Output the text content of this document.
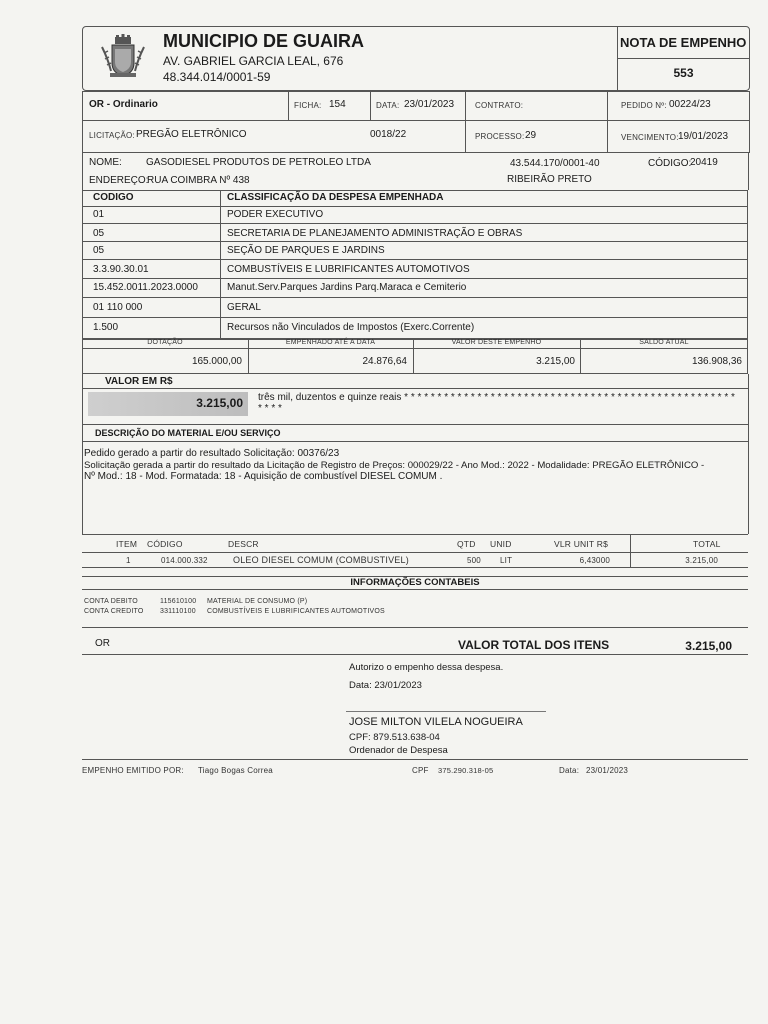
MUNICIPIO DE GUAIRA
AV. GABRIEL GARCIA LEAL, 676
48.344.014/0001-59
NOTA DE EMPENHO
553
OR - Ordinario	FICHA: 154	DATA: 23/01/2023	CONTRATO:	PEDIDO Nº: 00224/23
LICITAÇÃO: PREGÃO ELETRÔNICO	0018/22	PROCESSO: 29	VENCIMENTO: 19/01/2023
NOME: GASODIESEL PRODUTOS DE PETROLEO LTDA	43.544.170/0001-40	CÓDIGO:
20419
ENDEREÇO:
RUA COIMBRA Nº 438	RIBEIRÃO PRETO
CODIGO	CLASSIFICAÇÃO DA DESPESA EMPENHADA
01	PODER EXECUTIVO
05	SECRETARIA DE PLANEJAMENTO ADMINISTRAÇÃO E OBRAS
05	SEÇÃO DE PARQUES E JARDINS
3.3.90.30.01	COMBUSTÍVEIS E LUBRIFICANTES AUTOMOTIVOS
15.452.0011.2023.0000	Manut.Serv.Parques Jardins Parq.Maraca e Cemiterio
01 110 000	GERAL
1.500	Recursos não Vinculados de Impostos (Exerc.Corrente)
DOTAÇÃO	EMPENHADO ATÉ A DATA	VALOR DESTE EMPENHO	SALDO ATUAL
165.000,00	24.876,64	3.215,00	136.908,36
VALOR EM R$
3.215,00 três mil, duzentos e quinze reais * * * * * * * * * * * * * * * * * * * * * * * * * * * * * * * * * * * * * * * * * * * * * * * * * *
* * * *
DESCRIÇÃO DO MATERIAL E/OU SERVIÇO
Pedido gerado a partir do resultado Solicitação: 00376/23
Solicitação gerada a partir do resultado da Licitação de Registro de Preços: 000029/22 - Ano Mod.: 2022 - Modalidade: PREGÃO ELETRÔNICO -
Nº Mod.: 18 - Mod. Formatada: 18 - Aquisição de combustível DIESEL COMUM .
ITEM CÓDIGO	DESCR	QTD UNID	VLR UNIT R$	TOTAL
1	014.000.332	OLEO DIESEL COMUM (COMBUSTIVEL)	500 LIT	6,43000	3.215,00
INFORMAÇÕES CONTABEIS
CONTA DEBITO	115610100 MATERIAL DE CONSUMO (P)
CONTA CREDITO 331110100 COMBUSTÍVEIS E LUBRIFICANTES AUTOMOTIVOS
OR	VALOR TOTAL DOS ITENS	3.215,00
Autorizo o empenho dessa despesa.
Data: 23/01/2023
JOSE MILTON VILELA NOGUEIRA
CPF: 879.513.638-04
Ordenador de Despesa
EMPENHO EMITIDO POR: Tiago Bogas Correa	CPF 375.290.318-05	Data: 23/01/2023
